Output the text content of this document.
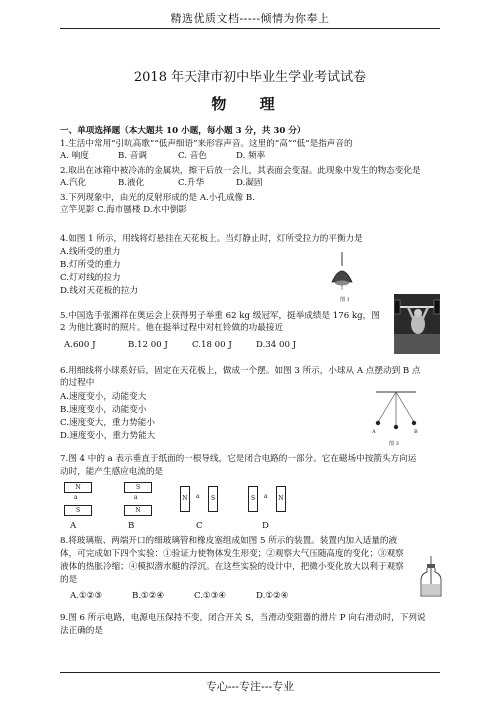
精选优质文档-----倾情为你奉上
2018 年天津市初中毕业生学业考试试卷
物 理
一、单项选择题（本大题共 10 小题，每小题 3 分，共 30 分）
1.生活中常用“引吭高歌”“低声细语”来形容声音。这里的“高”“低”是指声音的
A. 响度	B. 音调	C. 音色	D. 频率
2.取出在冰箱中被冷冻的金属块，擦干后放一会儿，其表面会变湿。此现象中发生的物态变化是
A.汽化	B.液化	C.升华	D.凝固
3.下列现象中，由光的反射形成的是 A.小孔成像 B.
立竿见影 C.海市蜃楼 D.水中倒影
4.如图 1 所示，用线将灯悬挂在天花板上。当灯静止时，灯所受拉力的平衡力是
A.线所受的重力
B.灯所受的重力
C.灯对线的拉力
D.线对天花板的拉力
图 1
5.中国选手张湘祥在奥运会上获得男子举重 62 kg 级冠军，挺举成绩是 176 kg，图
2 为他比赛时的照片。他在挺举过程中对杠铃做的功最接近
A.600 J	B.12 00 J	C.18 00 J	D.34 00 J
6.用细线将小球系好后，固定在天花板上，做成一个摆。如图 3 所示，小球从 A 点摆动到 B 点
的过程中
A.速度变小，动能变大
B.速度变小，动能变小
C.速度变大，重力势能小
D.速度变小，重力势能大	A	B
图 3
7.图 4 中的 a 表示垂直于纸面的一根导线，它是闭合电路的一部分。它在磁场中按箭头方向运
动时，能产生感应电流的是
N
a
S
A
S
a
N
B
N	a	S
C
S	a	N
D
8.将玻璃瓶、两端开口的细玻璃管和橡皮塞组成如图 5 所示的装置。装置内加入适量的液
体，可完成如下四个实验：①验证力使物体发生形变；②观察大气压随高度的变化；③观察
液体的热胀冷缩；④模拟潜水艇的浮沉。在这些实验的设计中，把微小变化放大以利于观察
的是
A.①②③	B.①②④	C.①③④	D.①②④
9.图 6 所示电路，电源电压保持不变，闭合开关 S，当滑动变阻器的滑片 P 向右滑动时，下列说
法正确的是
专心---专注---专业
